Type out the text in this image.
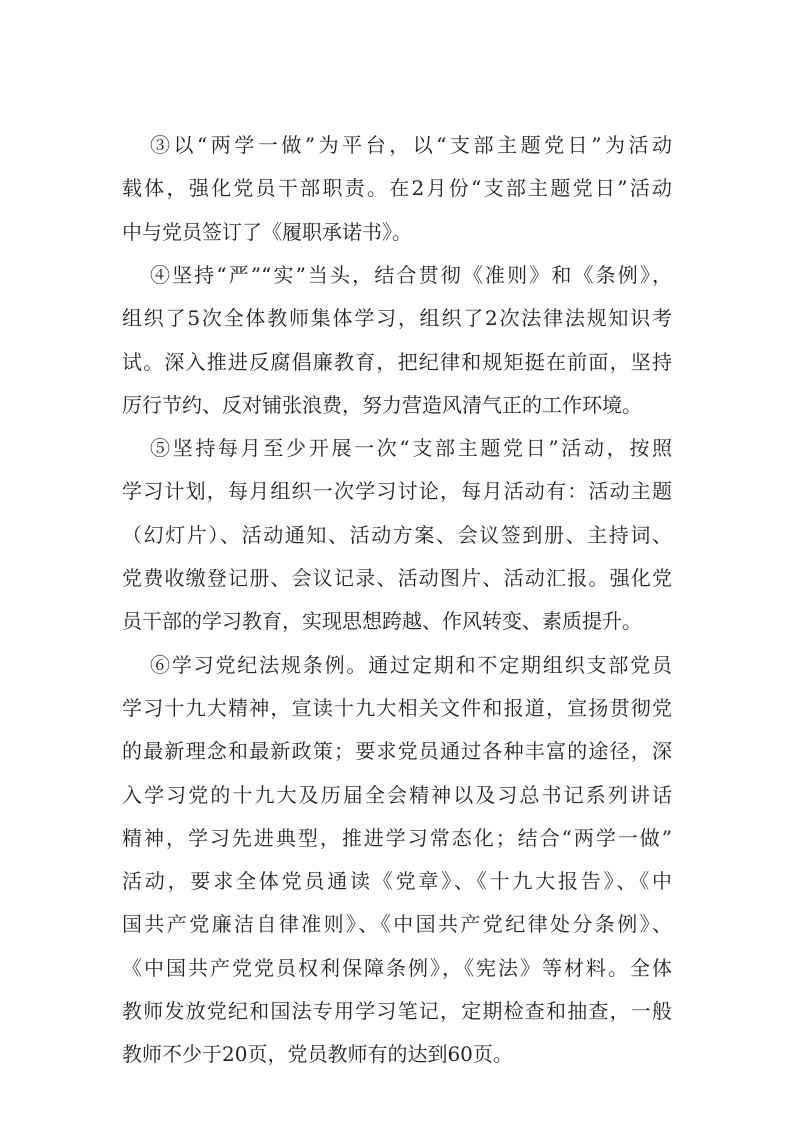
③以“两学一做”为平台，以“支部主题党日”为活动
载体，强化党员干部职责。在2月份“支部主题党日”活动
中与党员签订了《履职承诺书》。
④坚持“严”“实”当头，结合贯彻《准则》和《条例》，
组织了5次全体教师集体学习，组织了2次法律法规知识考
试。深入推进反腐倡廉教育，把纪律和规矩挺在前面，坚持
厉行节约、反对铺张浪费，努力营造风清气正的工作环境。
⑤坚持每月至少开展一次“支部主题党日”活动，按照
学习计划，每月组织一次学习讨论，每月活动有：活动主题
（幻灯片）、活动通知、活动方案、会议签到册、主持词、
党费收缴登记册、会议记录、活动图片、活动汇报。强化党
员干部的学习教育，实现思想跨越、作风转变、素质提升。
⑥学习党纪法规条例。通过定期和不定期组织支部党员
学习十九大精神，宣读十九大相关文件和报道，宣扬贯彻党
的最新理念和最新政策；要求党员通过各种丰富的途径，深
入学习党的十九大及历届全会精神以及习总书记系列讲话
精神，学习先进典型，推进学习常态化；结合“两学一做”
活动，要求全体党员通读《党章》、《十九大报告》、《中
国共产党廉洁自律准则》、《中国共产党纪律处分条例》、
《中国共产党党员权利保障条例》，《宪法》等材料。全体
教师发放党纪和国法专用学习笔记，定期检查和抽查，一般
教师不少于20页，党员教师有的达到60页。
